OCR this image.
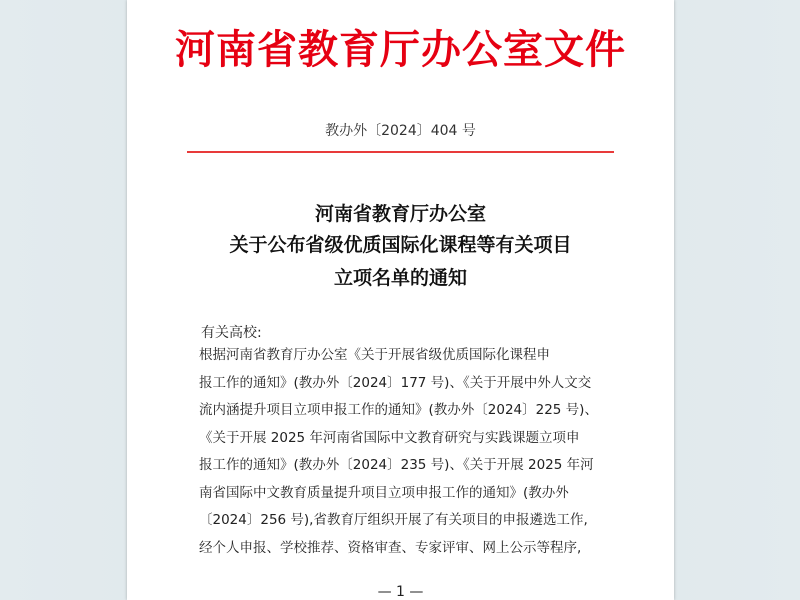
河南省教育厅办公室文件
教办外〔2024〕404 号
河南省教育厅办公室
关于公布省级优质国际化课程等有关项目
立项名单的通知
有关高校:
根据河南省教育厅办公室《关于开展省级优质国际化课程申
报工作的通知》(教办外〔2024〕177 号)、《关于开展中外人文交
流内涵提升项目立项申报工作的通知》(教办外〔2024〕225 号)、
《关于开展 2025 年河南省国际中文教育研究与实践课题立项申
报工作的通知》(教办外〔2024〕235 号)、《关于开展 2025 年河
南省国际中文教育质量提升项目立项申报工作的通知》(教办外
〔2024〕256 号),省教育厅组织开展了有关项目的申报遴选工作,
经个人申报、学校推荐、资格审查、专家评审、网上公示等程序,
— 1 —
